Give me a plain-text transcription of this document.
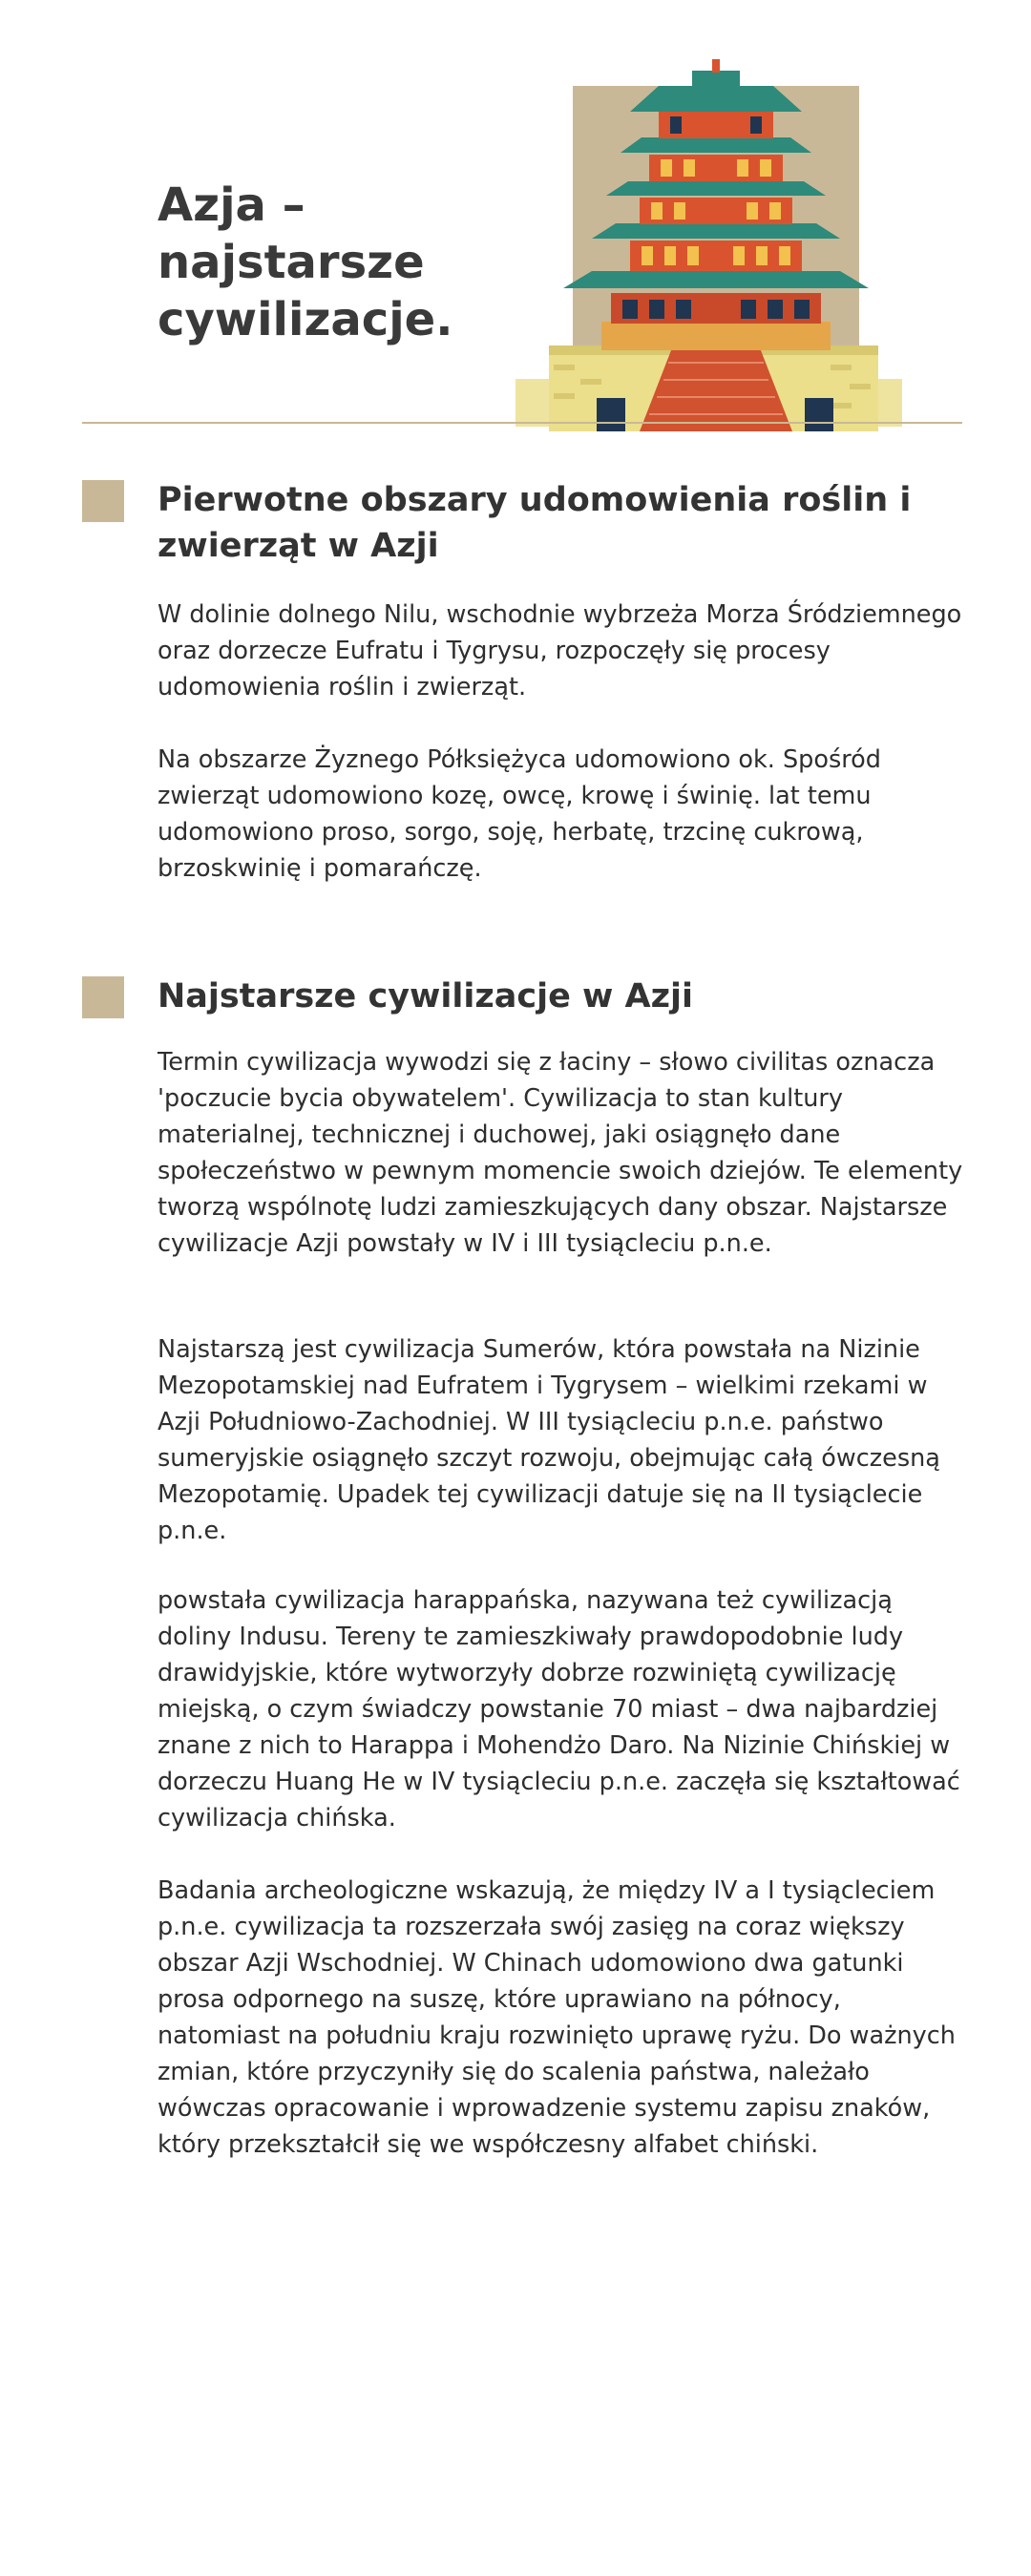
Azja – najstarsze cywilizacje.
Pierwotne obszary udomowienia roślin i zwierząt w Azji

W dolinie dolnego Nilu, wschodnie wybrzeża Morza Śródziemnego oraz dorzecze Eufratu i Tygrysu, rozpoczęły się procesy udomowienia roślin i zwierząt.

Na obszarze Żyznego Półksiężyca udomowiono ok. Spośród zwierząt udomowiono kozę, owcę, krowę i świnię. lat temu udomowiono proso, sorgo, soję, herbatę, trzcinę cukrową, brzoskwinię i pomarańczę.

Najstarsze cywilizacje w Azji

Termin cywilizacja wywodzi się z łaciny – słowo civilitas oznacza 'poczucie bycia obywatelem'. Cywilizacja to stan kultury materialnej, technicznej i duchowej, jaki osiągnęło dane społeczeństwo w pewnym momencie swoich dziejów. Te elementy tworzą wspólnotę ludzi zamieszkujących dany obszar. Najstarsze cywilizacje Azji powstały w IV i III tysiącleciu p.n.e.

Najstarszą jest cywilizacja Sumerów, która powstała na Nizinie Mezopotamskiej nad Eufratem i Tygrysem – wielkimi rzekami w Azji Południowo-Zachodniej. W III tysiącleciu p.n.e. państwo sumeryjskie osiągnęło szczyt rozwoju, obejmując całą ówczesną Mezopotamię. Upadek tej cywilizacji datuje się na II tysiąclecie p.n.e.

powstała cywilizacja harappańska, nazywana też cywilizacją doliny Indusu. Tereny te zamieszkiwały prawdopodobnie ludy drawidyjskie, które wytworzyły dobrze rozwiniętą cywilizację miejską, o czym świadczy powstanie 70 miast – dwa najbardziej znane z nich to Harappa i Mohendżo Daro. Na Nizinie Chińskiej w dorzeczu Huang He w IV tysiącleciu p.n.e. zaczęła się kształtować cywilizacja chińska.

Badania archeologiczne wskazują, że między IV a I tysiącleciem p.n.e. cywilizacja ta rozszerzała swój zasięg na coraz większy obszar Azji Wschodniej. W Chinach udomowiono dwa gatunki prosa odpornego na suszę, które uprawiano na północy, natomiast na południu kraju rozwinięto uprawę ryżu. Do ważnych zmian, które przyczyniły się do scalenia państwa, należało wówczas opracowanie i wprowadzenie systemu zapisu znaków, który przekształcił się we współczesny alfabet chiński.
